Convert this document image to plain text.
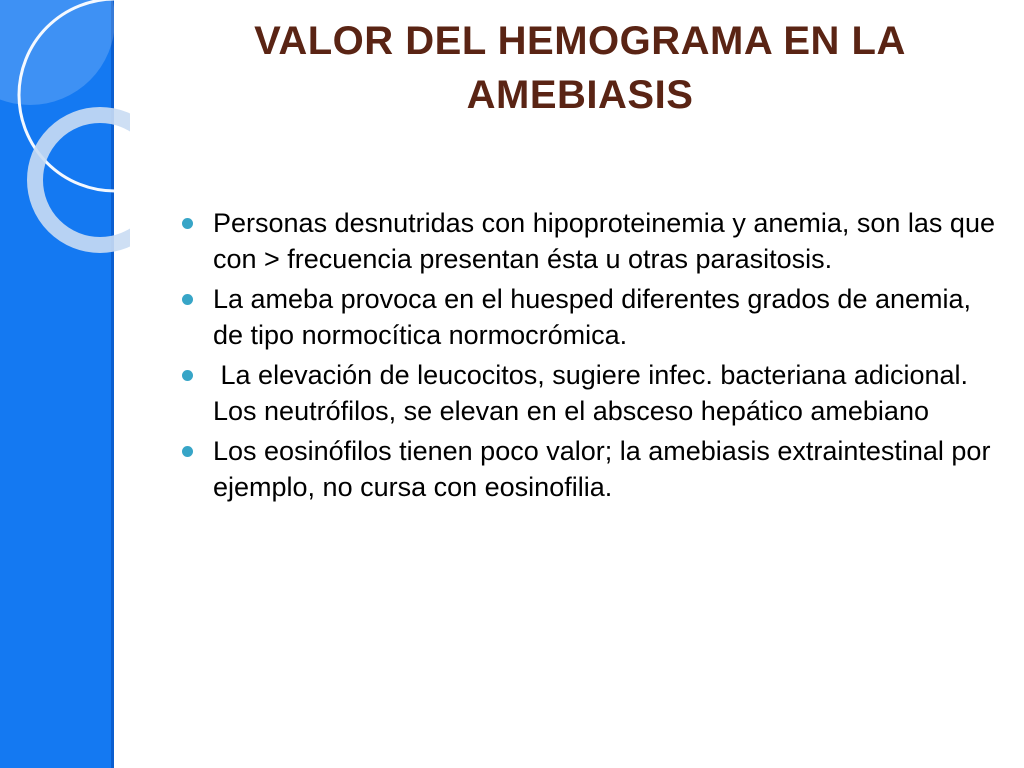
VALOR DEL HEMOGRAMA EN LA
AMEBIASIS
Personas desnutridas con hipoproteinemia y anemia, son las que con > frecuencia presentan ésta u otras parasitosis.
La ameba provoca en el huesped diferentes grados de anemia, de tipo normocítica normocrómica.
La elevación de leucocitos, sugiere infec. bacteriana adicional. Los neutrófilos, se elevan en el absceso hepático amebiano
Los eosinófilos tienen poco valor; la amebiasis extraintestinal por ejemplo, no cursa con eosinofilia.
